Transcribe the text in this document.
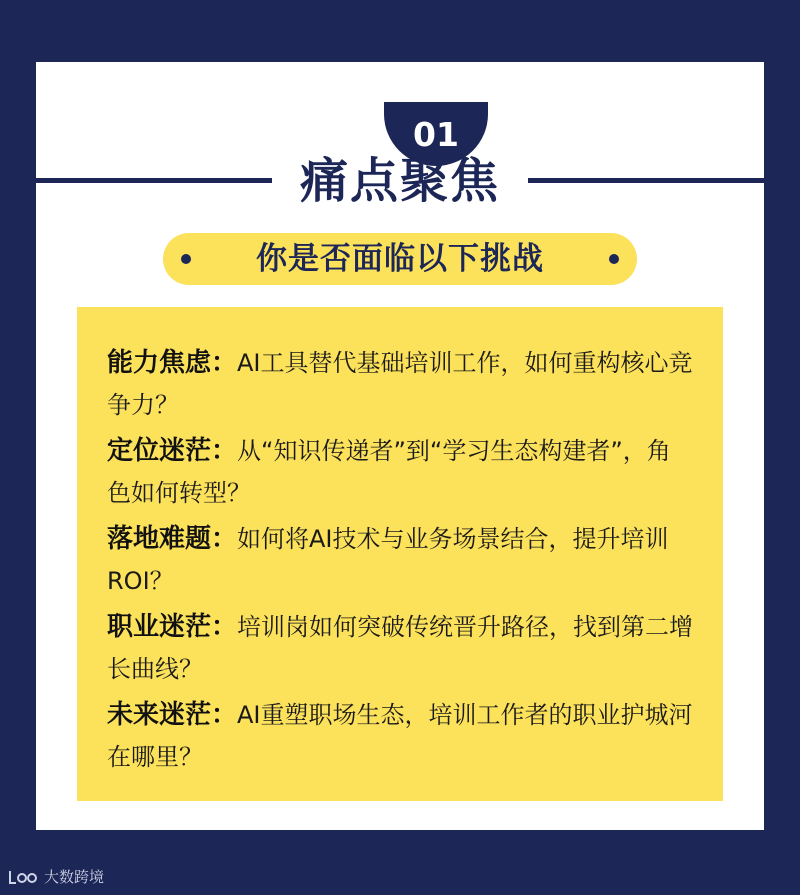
01
痛点聚焦
你是否面临以下挑战
能力焦虑：AI工具替代基础培训工作，如何重构核心竞争力？
定位迷茫：从“知识传递者”到“学习生态构建者”，角色如何转型？
落地难题：如何将AI技术与业务场景结合，提升培训ROI？
职业迷茫：培训岗如何突破传统晋升路径，找到第二增长曲线？
未来迷茫：AI重塑职场生态，培训工作者的职业护城河在哪里？
大数跨境
